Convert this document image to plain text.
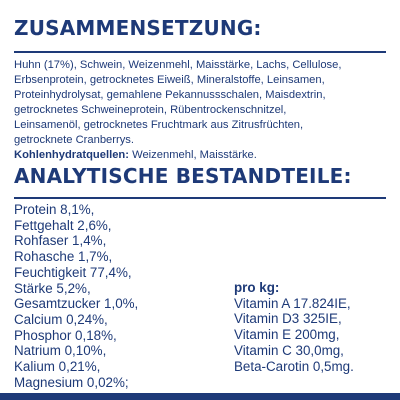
ZUSAMMENSETZUNG:
Huhn (17%), Schwein, Weizenmehl, Maisstärke, Lachs, Cellulose,
Erbsenprotein, getrocknetes Eiweiß, Mineralstoffe, Leinsamen,
Proteinhydrolysat, gemahlene Pekannussschalen, Maisdextrin,
getrocknetes Schweineprotein, Rübentrockenschnitzel,
Leinsamenöl, getrocknetes Fruchtmark aus Zitrusfrüchten,
getrocknete Cranberrys.
Kohlenhydratquellen: Weizenmehl, Maisstärke.
ANALYTISCHE BESTANDTEILE:
Protein 8,1%,
Fettgehalt 2,6%,
Rohfaser 1,4%,
Rohasche 1,7%,
Feuchtigkeit 77,4%,
Stärke 5,2%,
Gesamtzucker 1,0%,
Calcium 0,24%,
Phosphor 0,18%,
Natrium 0,10%,
Kalium 0,21%,
Magnesium 0,02%;
pro kg:
Vitamin A 17.824IE,
Vitamin D3 325IE,
Vitamin E 200mg,
Vitamin C 30,0mg,
Beta-Carotin 0,5mg.
